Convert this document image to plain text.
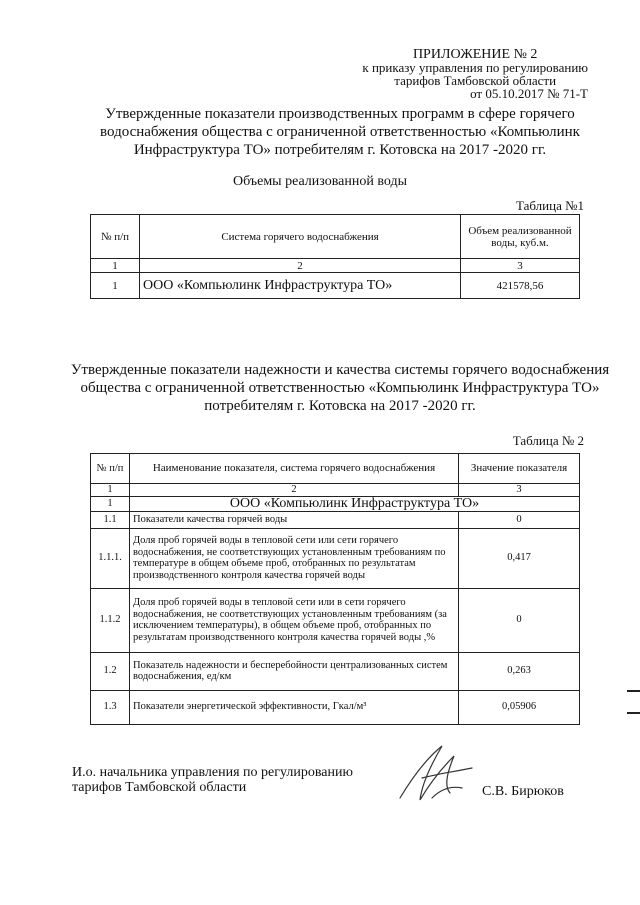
ПРИЛОЖЕНИЕ № 2
к приказу управления по регулированию
тарифов Тамбовской области
от 05.10.2017 № 71-Т
Утвержденные показатели производственных программ в сфере горячего водоснабжения обществa с ограниченной ответственностью «Компьюлинк Инфраструктура ТО» потребителям г. Котовска на 2017 -2020 гг.
Объемы реализованной воды
Таблица №1
№ п/п	Система горячего водоснабжения	Объем реализованной воды, куб.м.
1	2	3
1	ООО «Компьюлинк Инфраструктура ТО»	421578,56
Утвержденные показатели надежности и качества системы горячего водоснабжения общества с ограниченной ответственностью «Компьюлинк Инфраструктура ТО» потребителям г. Котовска на 2017 -2020 гг.
Таблица № 2
№ п/п	Наименование показателя, система горячего водоснабжения	Значение показателя
1	2	3
1	ООО «Компьюлинк Инфраструктура ТО»	
1.1	Показатели качества горячей воды	0
1.1.1.	Доля проб горячей воды в тепловой сети или сети горячего водоснабжения, не соответствующих установленным требованиям по температуре в общем объеме проб, отобранных по результатам производственного контроля качества горячей воды	0,417
1.1.2	Доля проб горячей воды в тепловой сети или в сети горячего водоснабжения, не соответствующих установленным требованиям (за исключением температуры), в общем объеме проб, отобранных по результатам производственного контроля качества горячей воды ,%	0
1.2	Показатель надежности и бесперебойности централизованных систем водоснабжения, ед/км	0,263
1.3	Показатели энергетической эффективности, Гкал/м³	0,05906
И.о. начальника управления по регулированию
тарифов Тамбовской области	С.В. Бирюков
